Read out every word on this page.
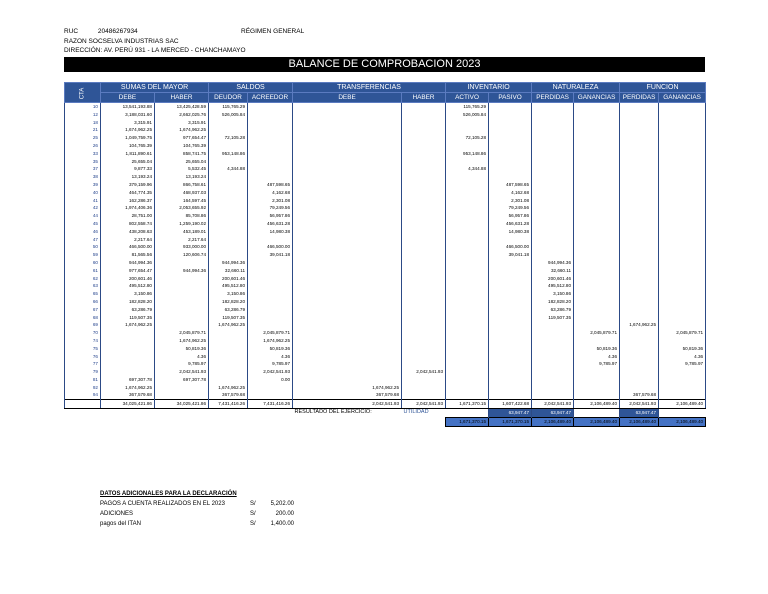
RUC	20486267934	RÉGIMEN GENERAL
RAZON SOCSELVA INDUSTRIAS SAC
DIRECCIÓN: AV. PERÚ 931 - LA MERCED - CHANCHAMAYO
BALANCE DE COMPROBACION 2023
CTA	SUMAS DEL MAYOR		SALDOS		TRANSFERENCIAS		INVENTARIO		NATURALEZA		FUNCION	
	DEBE	HABER	DEUDOR	ACREEDOR	DEBE	HABER	ACTIVO	PASIVO	PERDIDAS	GANANCIAS	PERDIDAS	GANANCIAS
10	13,541,193.88	13,425,428.59	115,765.29				115,765.29					
12	3,188,031.60	2,662,025.76	526,005.84				526,005.84					
18	3,315.91	3,315.91										
21	1,674,962.25	1,674,962.25										
25	1,049,759.75	977,654.47	72,105.28				72,105.28					
26	104,765.39	104,765.39										
33	1,811,890.61	858,741.75	953,148.86				953,148.86					
35	25,655.04	25,655.04										
37	9,877.33	5,532.45	4,344.88				4,344.88					
38	13,193.24	13,193.24										
39	379,159.96	866,758.61		487,598.65				487,598.65				
40	464,774.35	468,937.03		4,162.68				4,162.68				
41	162,286.37	164,597.45		2,301.08				2,301.08				
42	1,974,406.36	2,053,655.92		79,249.56				79,249.56				
44	28,751.00	85,708.86		56,957.86				56,957.86				
45	802,558.74	1,259,190.02		456,631.28				456,631.28				
46	438,208.63	453,189.01		14,980.38				14,980.38				
47	2,217.64	2,217.64										
50	466,500.00	933,000.00		466,500.00				466,500.00				
59	81,565.56	120,606.74		39,041.18				39,041.18				
60	944,994.36		944,994.36						944,994.36			
61	977,654.47	944,994.36	32,660.11						32,660.11			
62	200,601.46		200,601.46						200,601.46			
63	495,512.80		495,512.80						495,512.80			
65	3,150.86		3,150.86						3,150.86			
66	182,828.20		182,828.20						182,828.20			
67	63,286.79		63,286.79						63,286.79			
68	119,507.35		119,507.35						119,507.35			
69	1,674,962.25		1,674,962.25								1,674,962.25	
70		2,045,879.71		2,045,879.71						2,045,879.71		2,045,879.71
74		1,674,962.25		1,674,962.25								
75		50,819.36		50,819.36						50,819.36		50,819.36
76		4.36		4.36						4.36		4.36
77		9,785.97		9,785.97						9,785.97		9,785.97
79		2,042,541.93		2,042,541.93		2,042,541.93						
81	697,307.78	697,307.78		0.00								
92	1,674,962.25		1,674,962.25		1,674,962.25							
94	367,579.68		367,579.68		367,579.68						367,579.68	
	34,025,421.86	34,025,421.86	7,431,416.26	7,431,416.26	2,042,541.93	2,042,541.93	1,671,370.15	1,607,422.68	2,042,541.93	2,106,489.40	2,042,541.93	2,106,489.40
					RESULTADO DEL EJERCICIO:	UTILIDAD		63,947.47	63,947.47		63,947.47	
							1,671,370.15	1,671,370.15	2,106,489.40	2,106,489.40	2,106,489.40	2,106,489.40
DATOS ADICIONALES PARA LA DECLARACIÓN
PAGOS A CUENTA REALIZADOS EN EL 2023	S/ 5,202.00
ADICIONES	S/	200.00
pagos del ITAN	S/ 1,400.00
